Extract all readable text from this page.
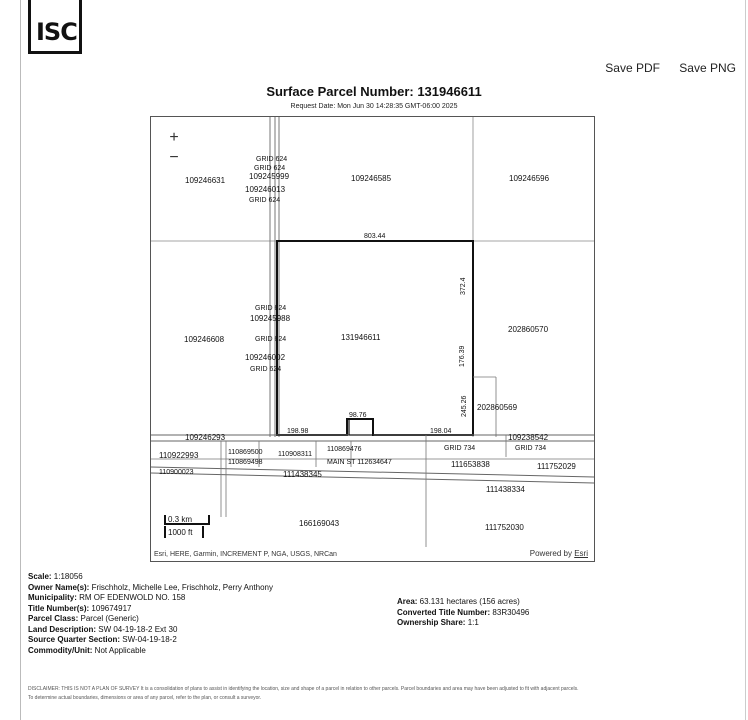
ISC
Save PDF Save PNG
Surface Parcel Number: 131946611
Request Date: Mon Jun 30 14:28:35 GMT-06:00 2025
109246631
GRID 624
GRID 624
109245999
109246013
GRID 624
109246585	109246596
803.44
372.4
GRID 624
109245988
GRID 624
109246608	131946611
202860570
109246002
GRID 624
176.39
245.26 202860569
98.76
198.98	198.04
109246293	109238542
GRID 734	GRID 734
110922993	110869500
110869498
110908311
110869476
MAIN ST 112634647	111653838	111752029
110900023	111438345
111438334
166169043	111752030
+
−
0.3 km
1000 ft
Esri, HERE, Garmin, INCREMENT P, NGA, USGS, NRCan	Powered by Esri
Scale: 1:18056
Owner Name(s): Frischholz, Michelle Lee, Frischholz, Perry Anthony
Municipality: RM OF EDENWOLD NO. 158
Title Number(s): 109674917
Parcel Class: Parcel (Generic)
Land Description: SW 04-19-18-2 Ext 30
Source Quarter Section: SW-04-19-18-2
Commodity/Unit: Not Applicable
Area: 63.131 hectares (156 acres)
Converted Title Number: 83R30496
Ownership Share: 1:1
DISCLAIMER: THIS IS NOT A PLAN OF SURVEY It is a consolidation of plans to assist in identifying the location, size and shape of a parcel in relation to other parcels. Parcel boundaries and area may have been adjusted to fit with adjacent parcels.
To determine actual boundaries, dimensions or area of any parcel, refer to the plan, or consult a surveyor.
